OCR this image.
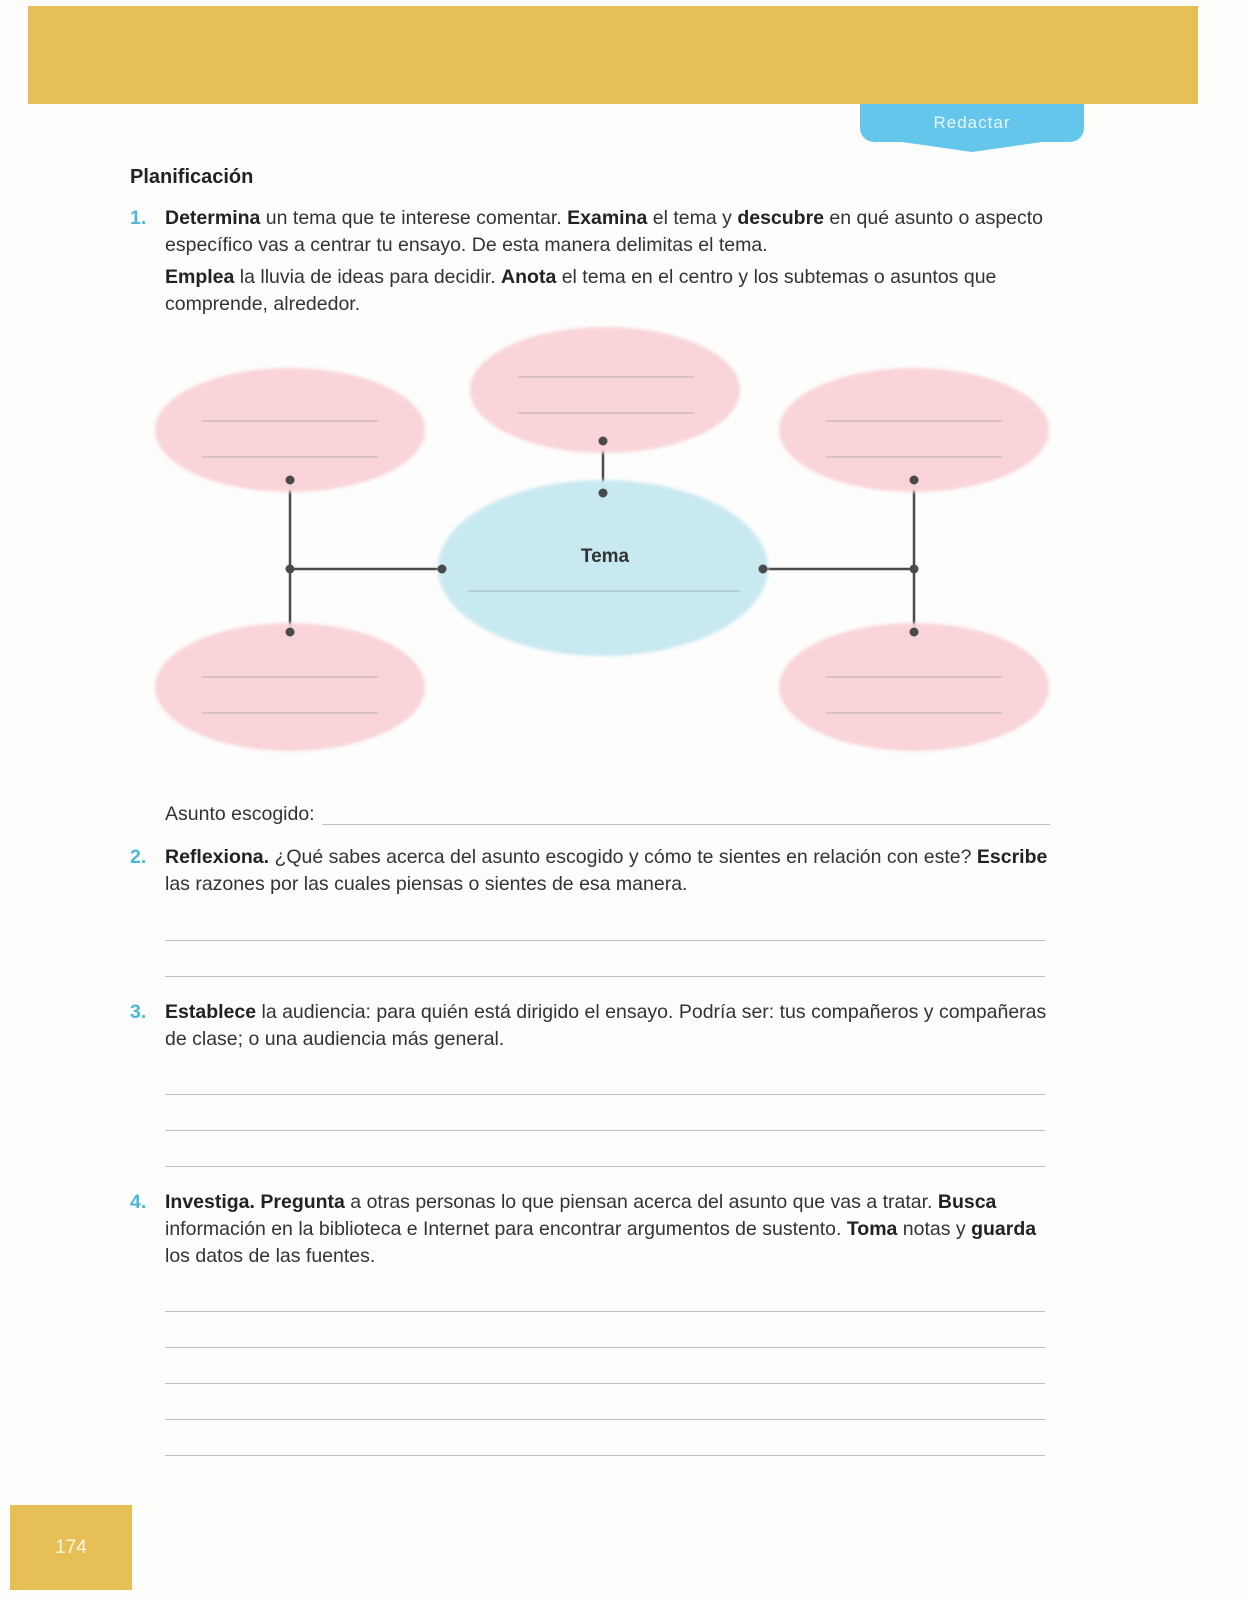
Redactar
Planificación
1. Determina un tema que te interese comentar. Examina el tema y descubre en qué asunto o aspecto específico vas a centrar tu ensayo. De esta manera delimitas el tema.

Emplea la lluvia de ideas para decidir. Anota el tema en el centro y los subtemas o asuntos que comprende, alrededor.

Tema
Asunto escogido:
2. Reflexiona. ¿Qué sabes acerca del asunto escogido y cómo te sientes en relación con este? Escribe las razones por las cuales piensas o sientes de esa manera.

3. Establece la audiencia: para quién está dirigido el ensayo. Podría ser: tus compañeros y compañeras de clase; o una audiencia más general.

4. Investiga. Pregunta a otras personas lo que piensan acerca del asunto que vas a tratar. Busca información en la biblioteca e Internet para encontrar argumentos de sustento. Toma notas y guarda los datos de las fuentes.

174
